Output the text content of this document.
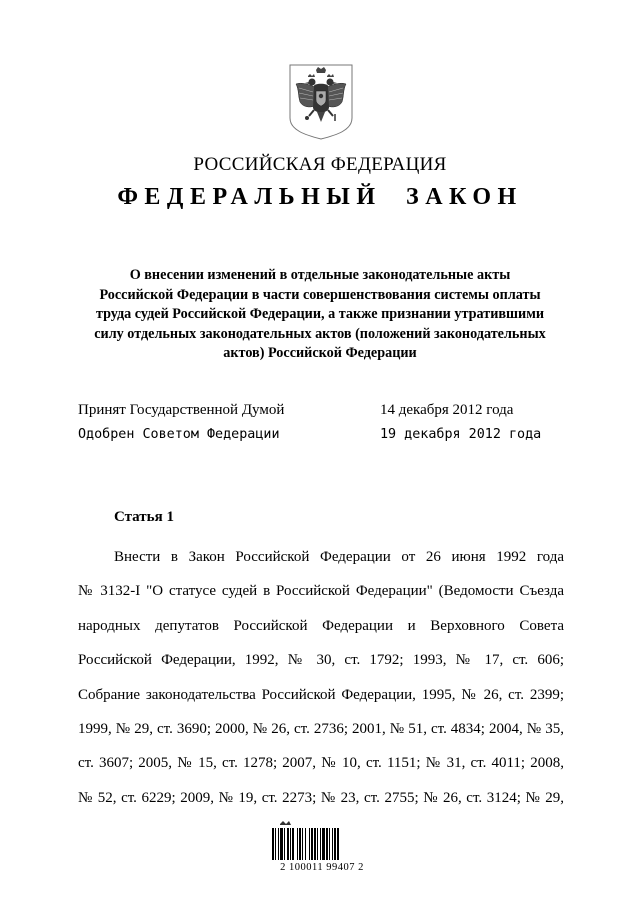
РОССИЙСКАЯ ФЕДЕРАЦИЯ
ФЕДЕРАЛЬНЫЙ ЗАКОН
О внесении изменений в отдельные законодательные акты
Российской Федерации в части совершенствования системы оплаты
труда судей Российской Федерации, а также признании утратившими
силу отдельных законодательных актов (положений законодательных
актов) Российской Федерации
Принят Государственной Думой	14 декабря 2012 года
Одобрен Советом Федерации	19 декабря 2012 года
Статья 1
Внести в Закон Российской Федерации от 26 июня 1992 года
№ 3132-I "О статусе судей в Российской Федерации" (Ведомости Съезда
народных депутатов Российской Федерации и Верховного Совета
Российской Федерации, 1992, № 30, ст. 1792; 1993, № 17, ст. 606;
Собрание законодательства Российской Федерации, 1995, № 26, ст. 2399;
1999, № 29, ст. 3690; 2000, № 26, ст. 2736; 2001, № 51, ст. 4834; 2004, № 35,
ст. 3607; 2005, № 15, ст. 1278; 2007, № 10, ст. 1151; № 31, ст. 4011; 2008,
№ 52, ст. 6229; 2009, № 19, ст. 2273; № 23, ст. 2755; № 26, ст. 3124; № 29,
2 100011 99407 2
